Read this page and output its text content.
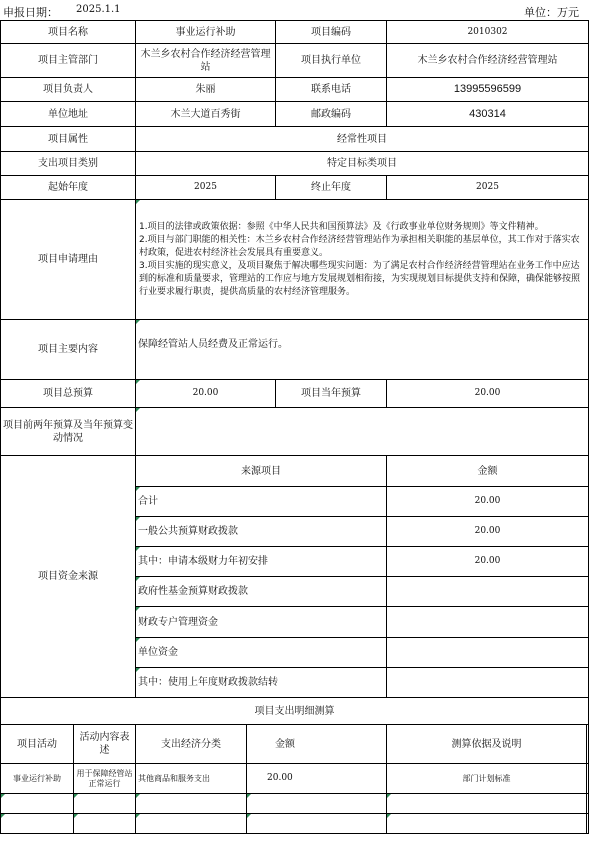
申报日期： 2025.1.1	单位：万元
项目名称		事业运行补助		项目编码	2010302	
项目主管部门		木兰乡农村合作经济经营管理站		项目执行单位	木兰乡农村合作经济经营管理站	
项目负责人		朱丽		联系电话	13995596599	
单位地址		木兰大道百秀街		邮政编码	430314	
项目属性		经常性项目				
支出项目类别		特定目标类项目				
起始年度		2025		终止年度	2025	
项目申请理由		1.项目的法律或政策依据：参照《中华人民共和国预算法》及《行政事业单位财务规则》等文件精神。
2.项目与部门职能的相关性：木兰乡农村合作经济经营管理站作为承担相关职能的基层单位，其工作对于落实农村政策，促进农村经济社会发展具有重要意义。
3.项目实施的现实意义，及项目聚焦于解决哪些现实问题：为了满足农村合作经济经营管理站在业务工作中应达到的标准和质量要求，管理站的工作应与地方发展规划相衔接，为实现规划目标提供支持和保障，确保能够按照行业要求履行职责，提供高质量的农村经济管理服务。				

项目主要内容		保障经管站人员经费及正常运行。				
项目总预算		20.00		项目当年预算	20.00	
项目前两年预算及当年预算变动情况						
项目资金来源		来源项目			金额	
		合计			20.00	
		一般公共预算财政拨款			20.00	
		其中：申请本级财力年初安排			20.00	
		政府性基金预算财政拨款				
		财政专户管理资金				
		单位资金				
		其中：使用上年度财政拨款结转				
项目支出明细测算						
项目活动	活动内容表述	支出经济分类	金额		测算依据及说明	
事业运行补助	用于保障经管站正常运行	其他商品和服务支出	20.00		部门计划标准	
